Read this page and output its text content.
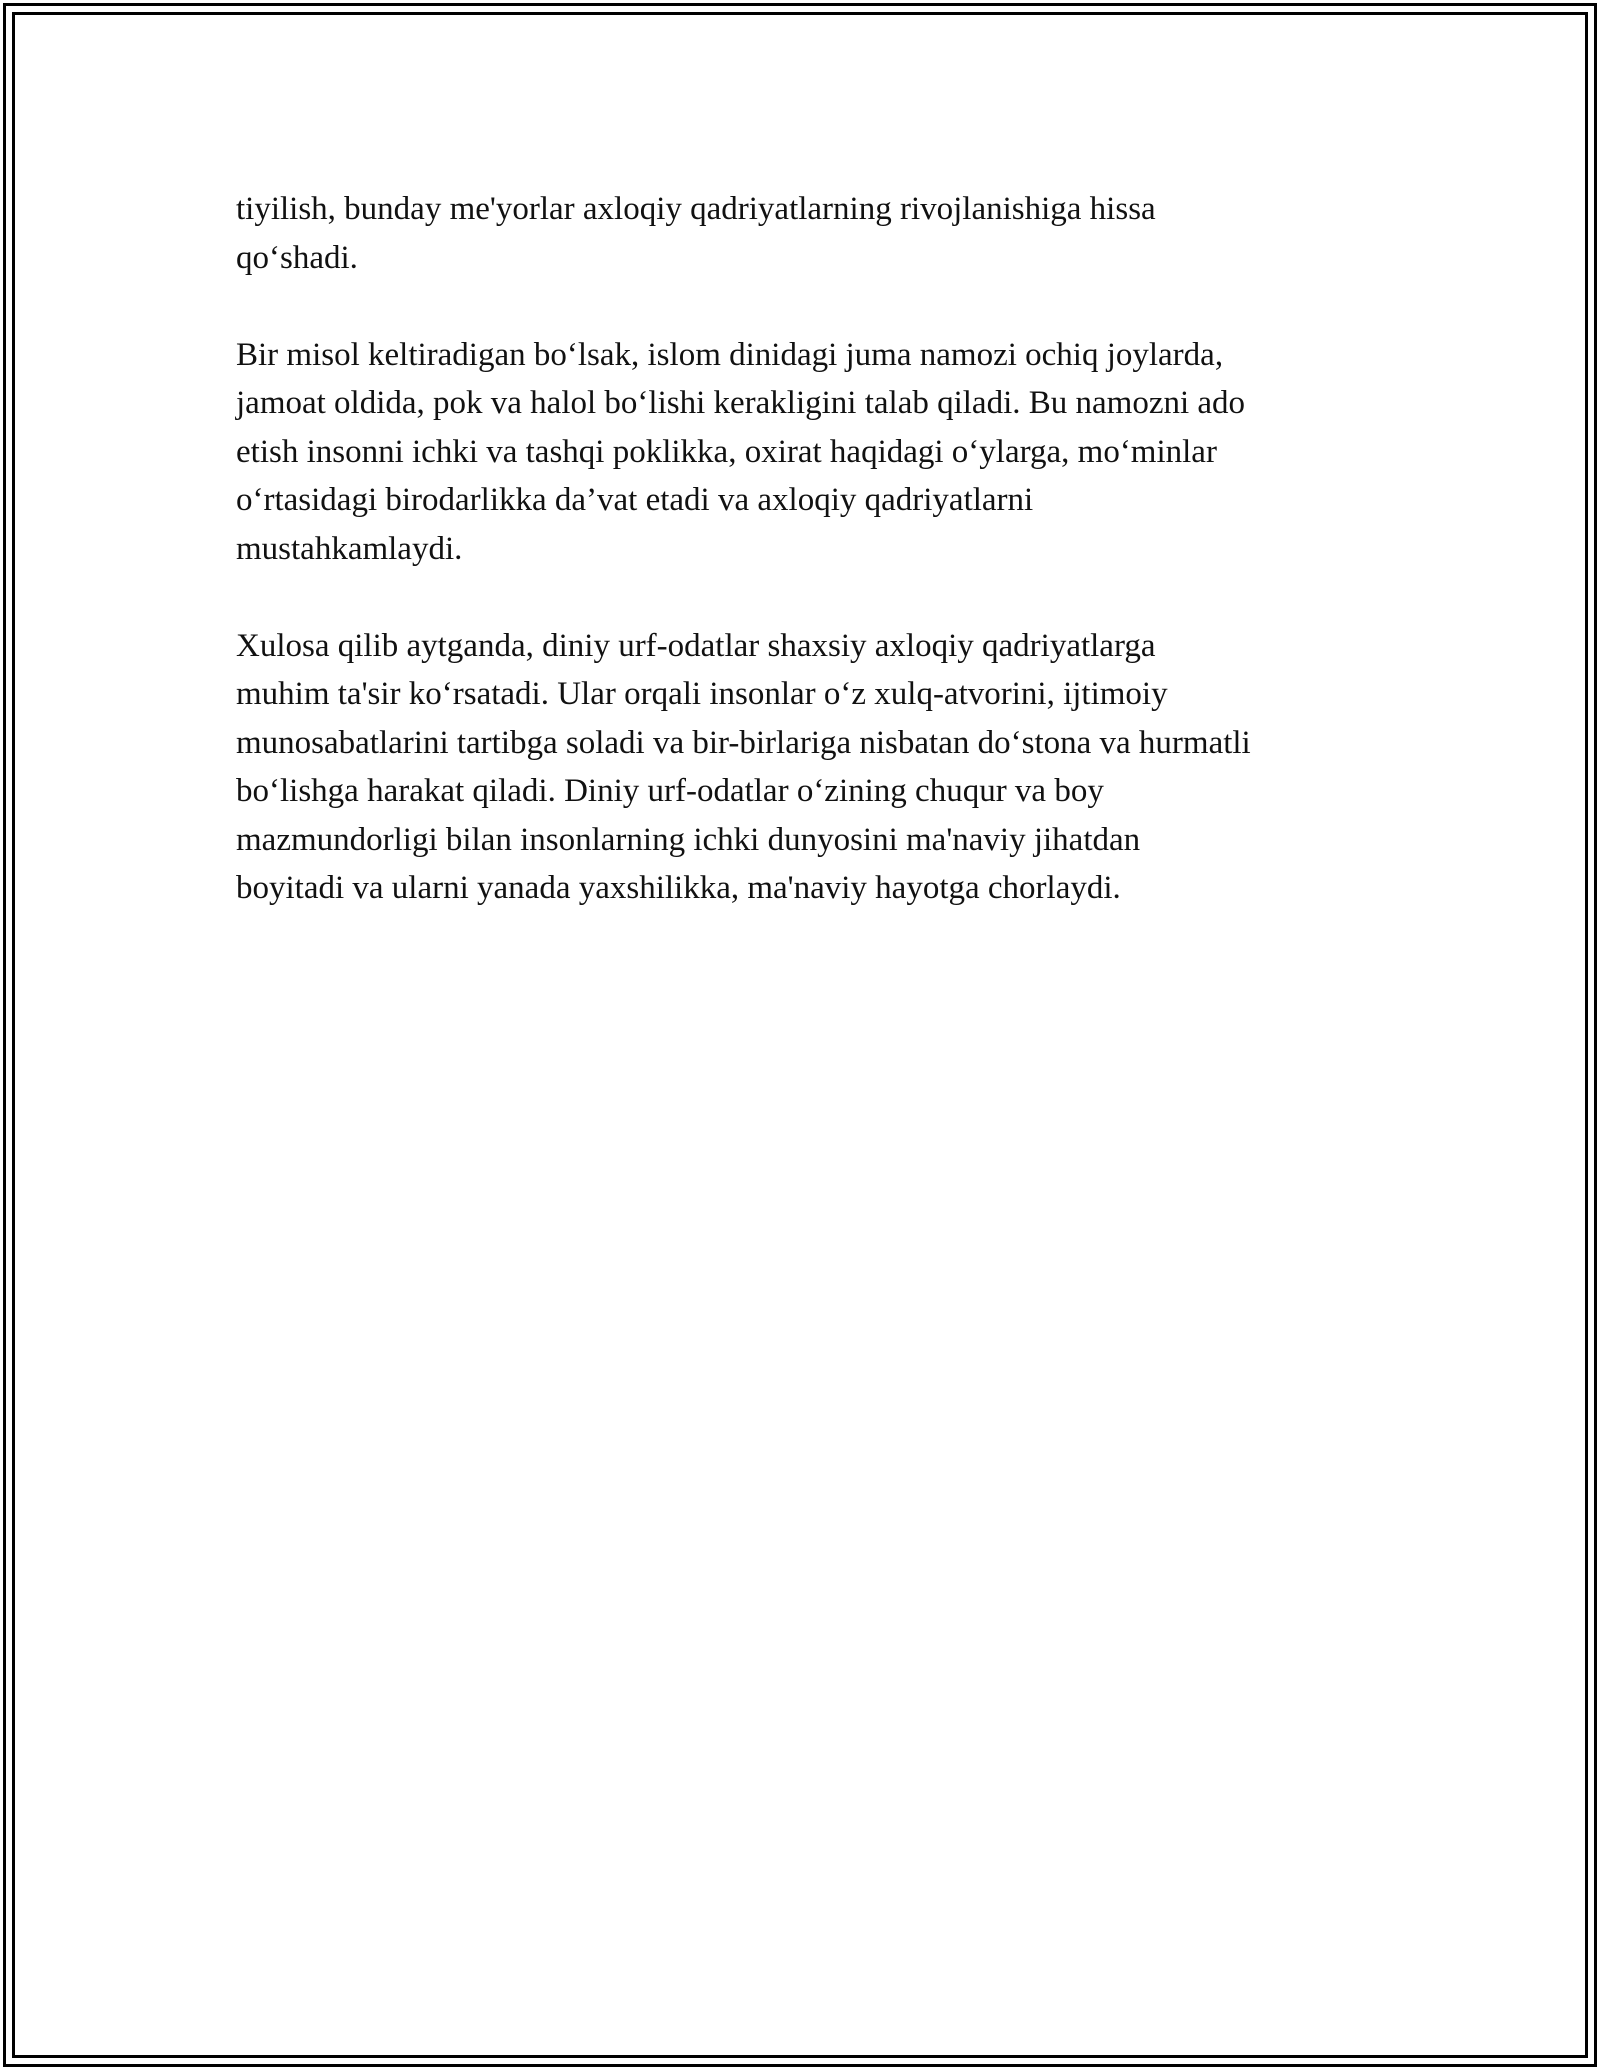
tiyilish, bunday me'yorlar axloqiy qadriyatlarning rivojlanishiga hissa
qo‘shadi.

Bir misol keltiradigan bo‘lsak, islom dinidagi juma namozi ochiq joylarda,
jamoat oldida, pok va halol bo‘lishi kerakligini talab qiladi. Bu namozni ado
etish insonni ichki va tashqi poklikka, oxirat haqidagi o‘ylarga, mo‘minlar
o‘rtasidagi birodarlikka da’vat etadi va axloqiy qadriyatlarni
mustahkamlaydi.

Xulosa qilib aytganda, diniy urf-odatlar shaxsiy axloqiy qadriyatlarga
muhim ta'sir ko‘rsatadi. Ular orqali insonlar o‘z xulq-atvorini, ijtimoiy
munosabatlarini tartibga soladi va bir-birlariga nisbatan do‘stona va hurmatli
bo‘lishga harakat qiladi. Diniy urf-odatlar o‘zining chuqur va boy
mazmundorligi bilan insonlarning ichki dunyosini ma'naviy jihatdan
boyitadi va ularni yanada yaxshilikka, ma'naviy hayotga chorlaydi.
